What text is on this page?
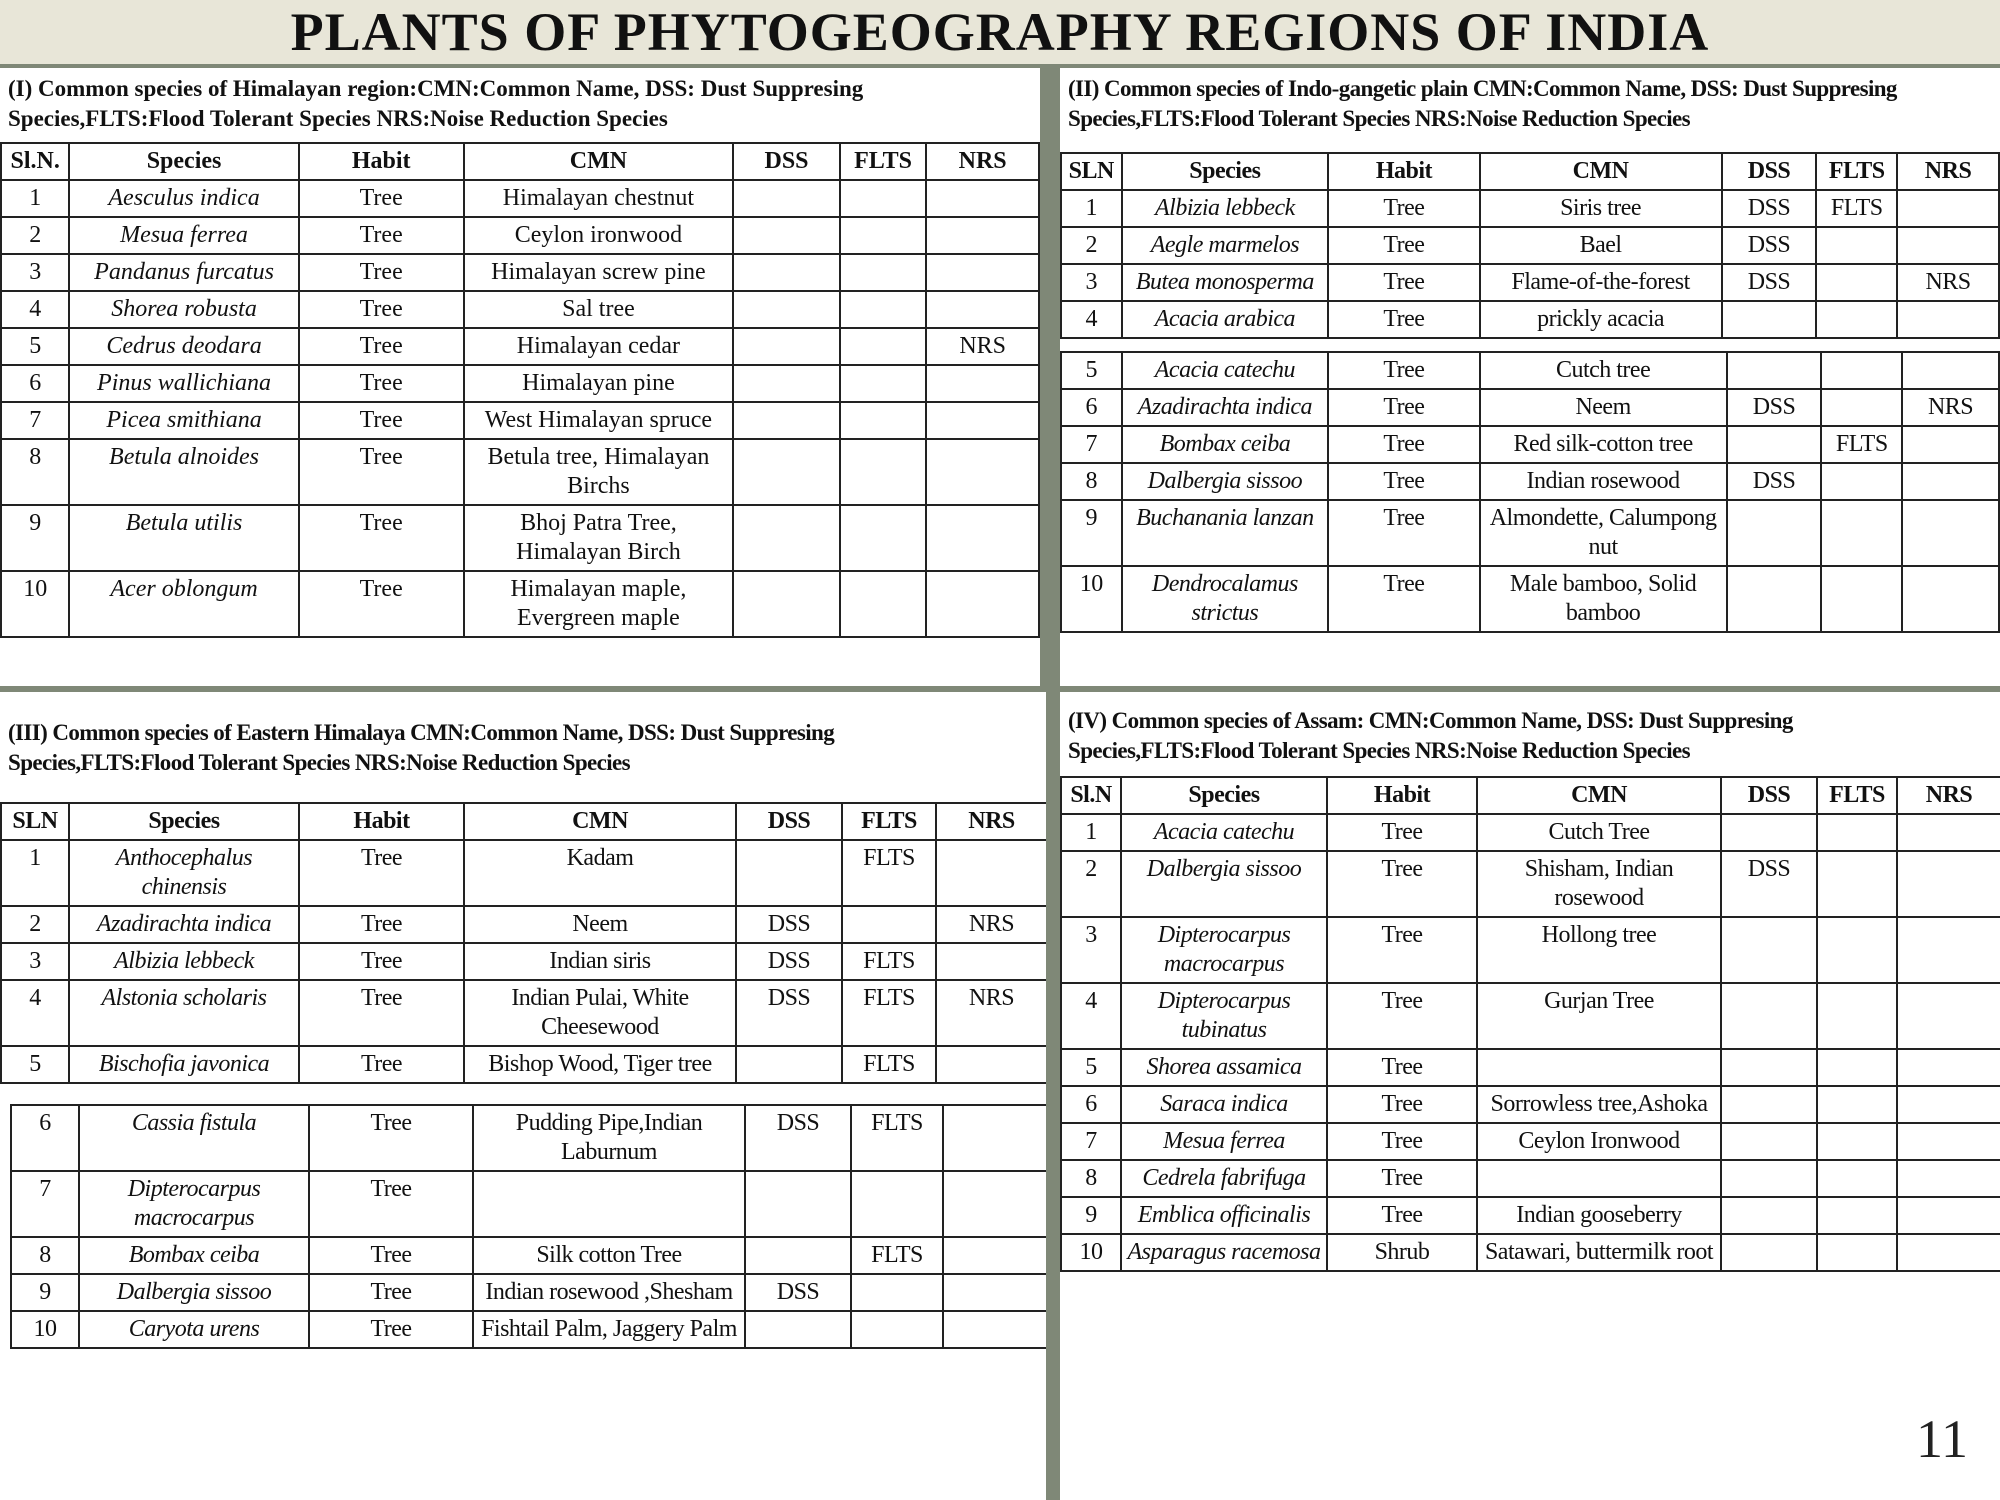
PLANTS OF PHYTOGEOGRAPHY REGIONS OF INDIA
(I) Common species of Himalayan region:CMN:Common Name, DSS: Dust Suppresing
Species,FLTS:Flood Tolerant Species NRS:Noise Reduction Species
Sl.N.	Species	Habit	CMN	DSS	FLTS	NRS
1	Aesculus indica	Tree	Himalayan chestnut			
2	Mesua ferrea	Tree	Ceylon ironwood			
3	Pandanus furcatus	Tree	Himalayan screw pine			
4	Shorea robusta	Tree	Sal tree			
5	Cedrus deodara	Tree	Himalayan cedar			NRS
6	Pinus wallichiana	Tree	Himalayan pine			
7	Picea smithiana	Tree	West Himalayan spruce			
8	Betula alnoides	Tree	Betula tree, Himalayan Birchs			
9	Betula utilis	Tree	Bhoj Patra Tree, Himalayan Birch			
10	Acer oblongum	Tree	Himalayan maple, Evergreen maple			
(II) Common species of Indo-gangetic plain CMN:Common Name, DSS: Dust Suppresing
Species,FLTS:Flood Tolerant Species NRS:Noise Reduction Species
SLN	Species	Habit	CMN	DSS	FLTS	NRS
1	Albizia lebbeck	Tree	Siris tree	DSS	FLTS	
2	Aegle marmelos	Tree	Bael	DSS		
3	Butea monosperma	Tree	Flame-of-the-forest	DSS		NRS
4	Acacia arabica	Tree	prickly acacia			
5	Acacia catechu	Tree	Cutch tree			
6	Azadirachta indica	Tree	Neem	DSS		NRS
7	Bombax ceiba	Tree	Red silk-cotton tree		FLTS	
8	Dalbergia sissoo	Tree	Indian rosewood	DSS		
9	Buchanania lanzan	Tree	Almondette, Calumpong nut			
10	Dendrocalamus strictus	Tree	Male bamboo, Solid bamboo			
(III) Common species of Eastern Himalaya CMN:Common Name, DSS: Dust Suppresing
Species,FLTS:Flood Tolerant Species NRS:Noise Reduction Species
SLN	Species	Habit	CMN	DSS	FLTS	NRS
1	Anthocephalus chinensis	Tree	Kadam		FLTS	
2	Azadirachta indica	Tree	Neem	DSS		NRS
3	Albizia lebbeck	Tree	Indian siris	DSS	FLTS	
4	Alstonia scholaris	Tree	Indian Pulai, White Cheesewood	DSS	FLTS	NRS
5	Bischofia javonica	Tree	Bishop Wood, Tiger tree		FLTS	
6	Cassia fistula	Tree	Pudding Pipe,Indian Laburnum	DSS	FLTS	
7	Dipterocarpus macrocarpus	Tree				
8	Bombax ceiba	Tree	Silk cotton Tree		FLTS	
9	Dalbergia sissoo	Tree	Indian rosewood ,Shesham	DSS		
10	Caryota urens	Tree	Fishtail Palm, Jaggery Palm			
(IV) Common species of Assam: CMN:Common Name, DSS: Dust Suppresing
Species,FLTS:Flood Tolerant Species NRS:Noise Reduction Species
Sl.N	Species	Habit	CMN	DSS	FLTS	NRS
1	Acacia catechu	Tree	Cutch Tree			
2	Dalbergia sissoo	Tree	Shisham, Indian rosewood	DSS		
3	Dipterocarpus macrocarpus	Tree	Hollong tree			
4	Dipterocarpus tubinatus	Tree	Gurjan Tree			
5	Shorea assamica	Tree				
6	Saraca indica	Tree	Sorrowless tree,Ashoka			
7	Mesua ferrea	Tree	Ceylon Ironwood			
8	Cedrela fabrifuga	Tree				
9	Emblica officinalis	Tree	Indian gooseberry			
10	Asparagus racemosa	Shrub	Satawari, buttermilk root			
11
